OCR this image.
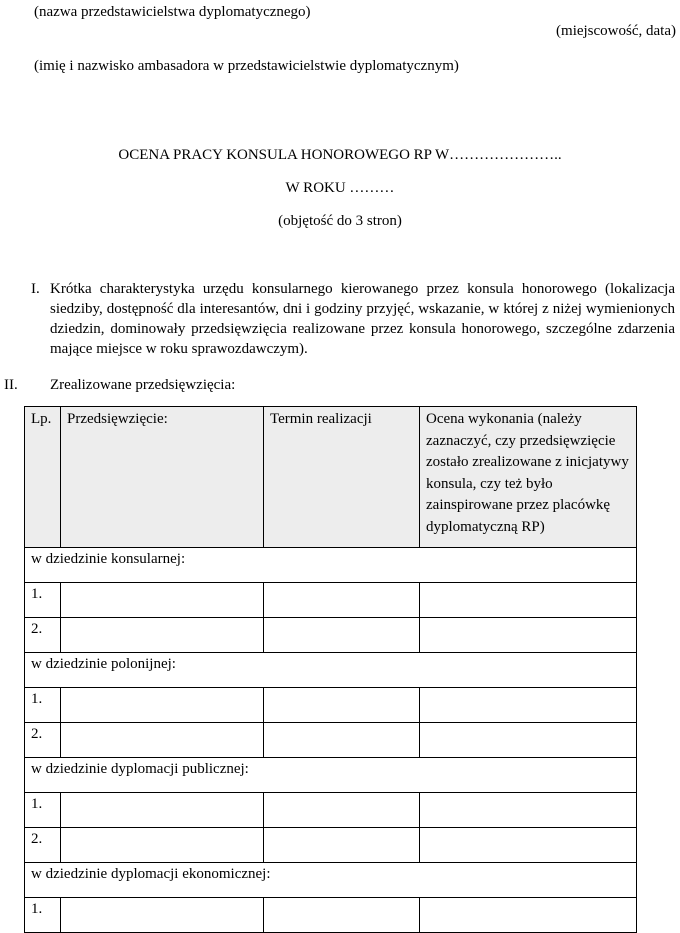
(nazwa przedstawicielstwa dyplomatycznego)
(miejscowość, data)
(imię i nazwisko ambasadora w przedstawicielstwie dyplomatycznym)
OCENA PRACY KONSULA HONOROWEGO RP W…………………..
W ROKU ………
(objętość do 3 stron)
I. Krótka charakterystyka urzędu konsularnego kierowanego przez konsula honorowego (lokalizacja siedziby, dostępność dla interesantów, dni i godziny przyjęć, wskazanie, w której z niżej wymienionych dziedzin, dominowały przedsięwzięcia realizowane przez konsula honorowego, szczególne zdarzenia mające miejsce w roku sprawozdawczym).
II. Zrealizowane przedsięwzięcia:
Lp.	Przedsięwzięcie:	Termin realizacji	Ocena wykonania (należy zaznaczyć, czy przedsięwzięcie zostało zrealizowane z inicjatywy konsula, czy też było zainspirowane przez placówkę dyplomatyczną RP)
w dziedzinie konsularnej:			
1.			
2.			
w dziedzinie polonijnej:			
1.			
2.			
w dziedzinie dyplomacji publicznej:			
1.			
2.			
w dziedzinie dyplomacji ekonomicznej:			
1.			
